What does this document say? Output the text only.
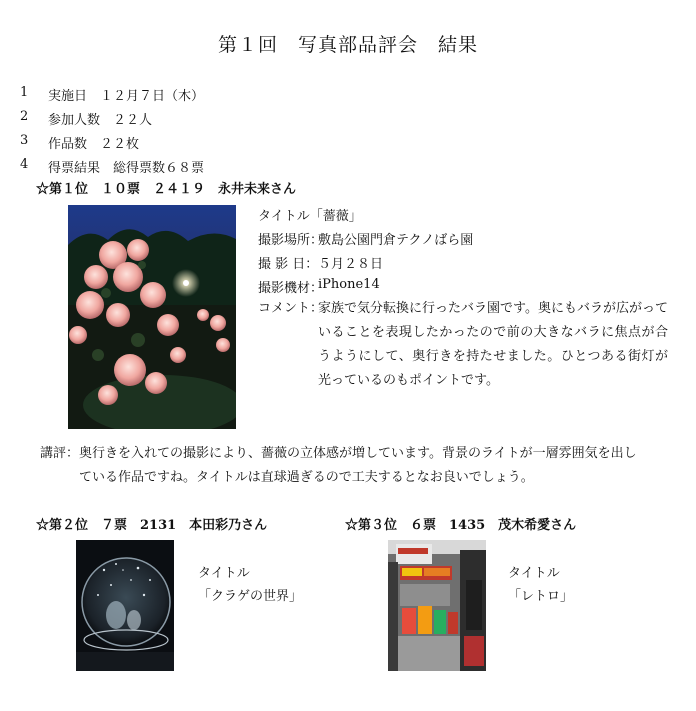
第１回　写真部品評会　結果
1	実施日　１２月７日（木）
2	参加人数　２２人
3	作品数　２２枚
4	得票結果　総得票数６８票
☆第１位　１０票　２４１９　永井未来さん
タイトル「薔薇」
撮影場所：
敷島公園門倉テクノばら園
撮 影 日： ５月２８日
撮影機材：
iPhone14
コメント：
家族で気分転換に行ったバラ園です。奥にもバラが広がっていることを表現したかったので前の大きなバラに焦点が合うようにして、奥行きを持たせました。ひとつある街灯が光っているのもポイントです。
講評： 奥行きを入れての撮影により、薔薇の立体感が増しています。背景のライトが一層雰囲気を出している作品ですね。タイトルは直球過ぎるので工夫するとなお良いでしょう。
☆第２位　７票　2131　本田彩乃さん	☆第３位　６票　1435　茂木希愛さん
タイトル
「クラゲの世界」
タイトル
「レトロ」
